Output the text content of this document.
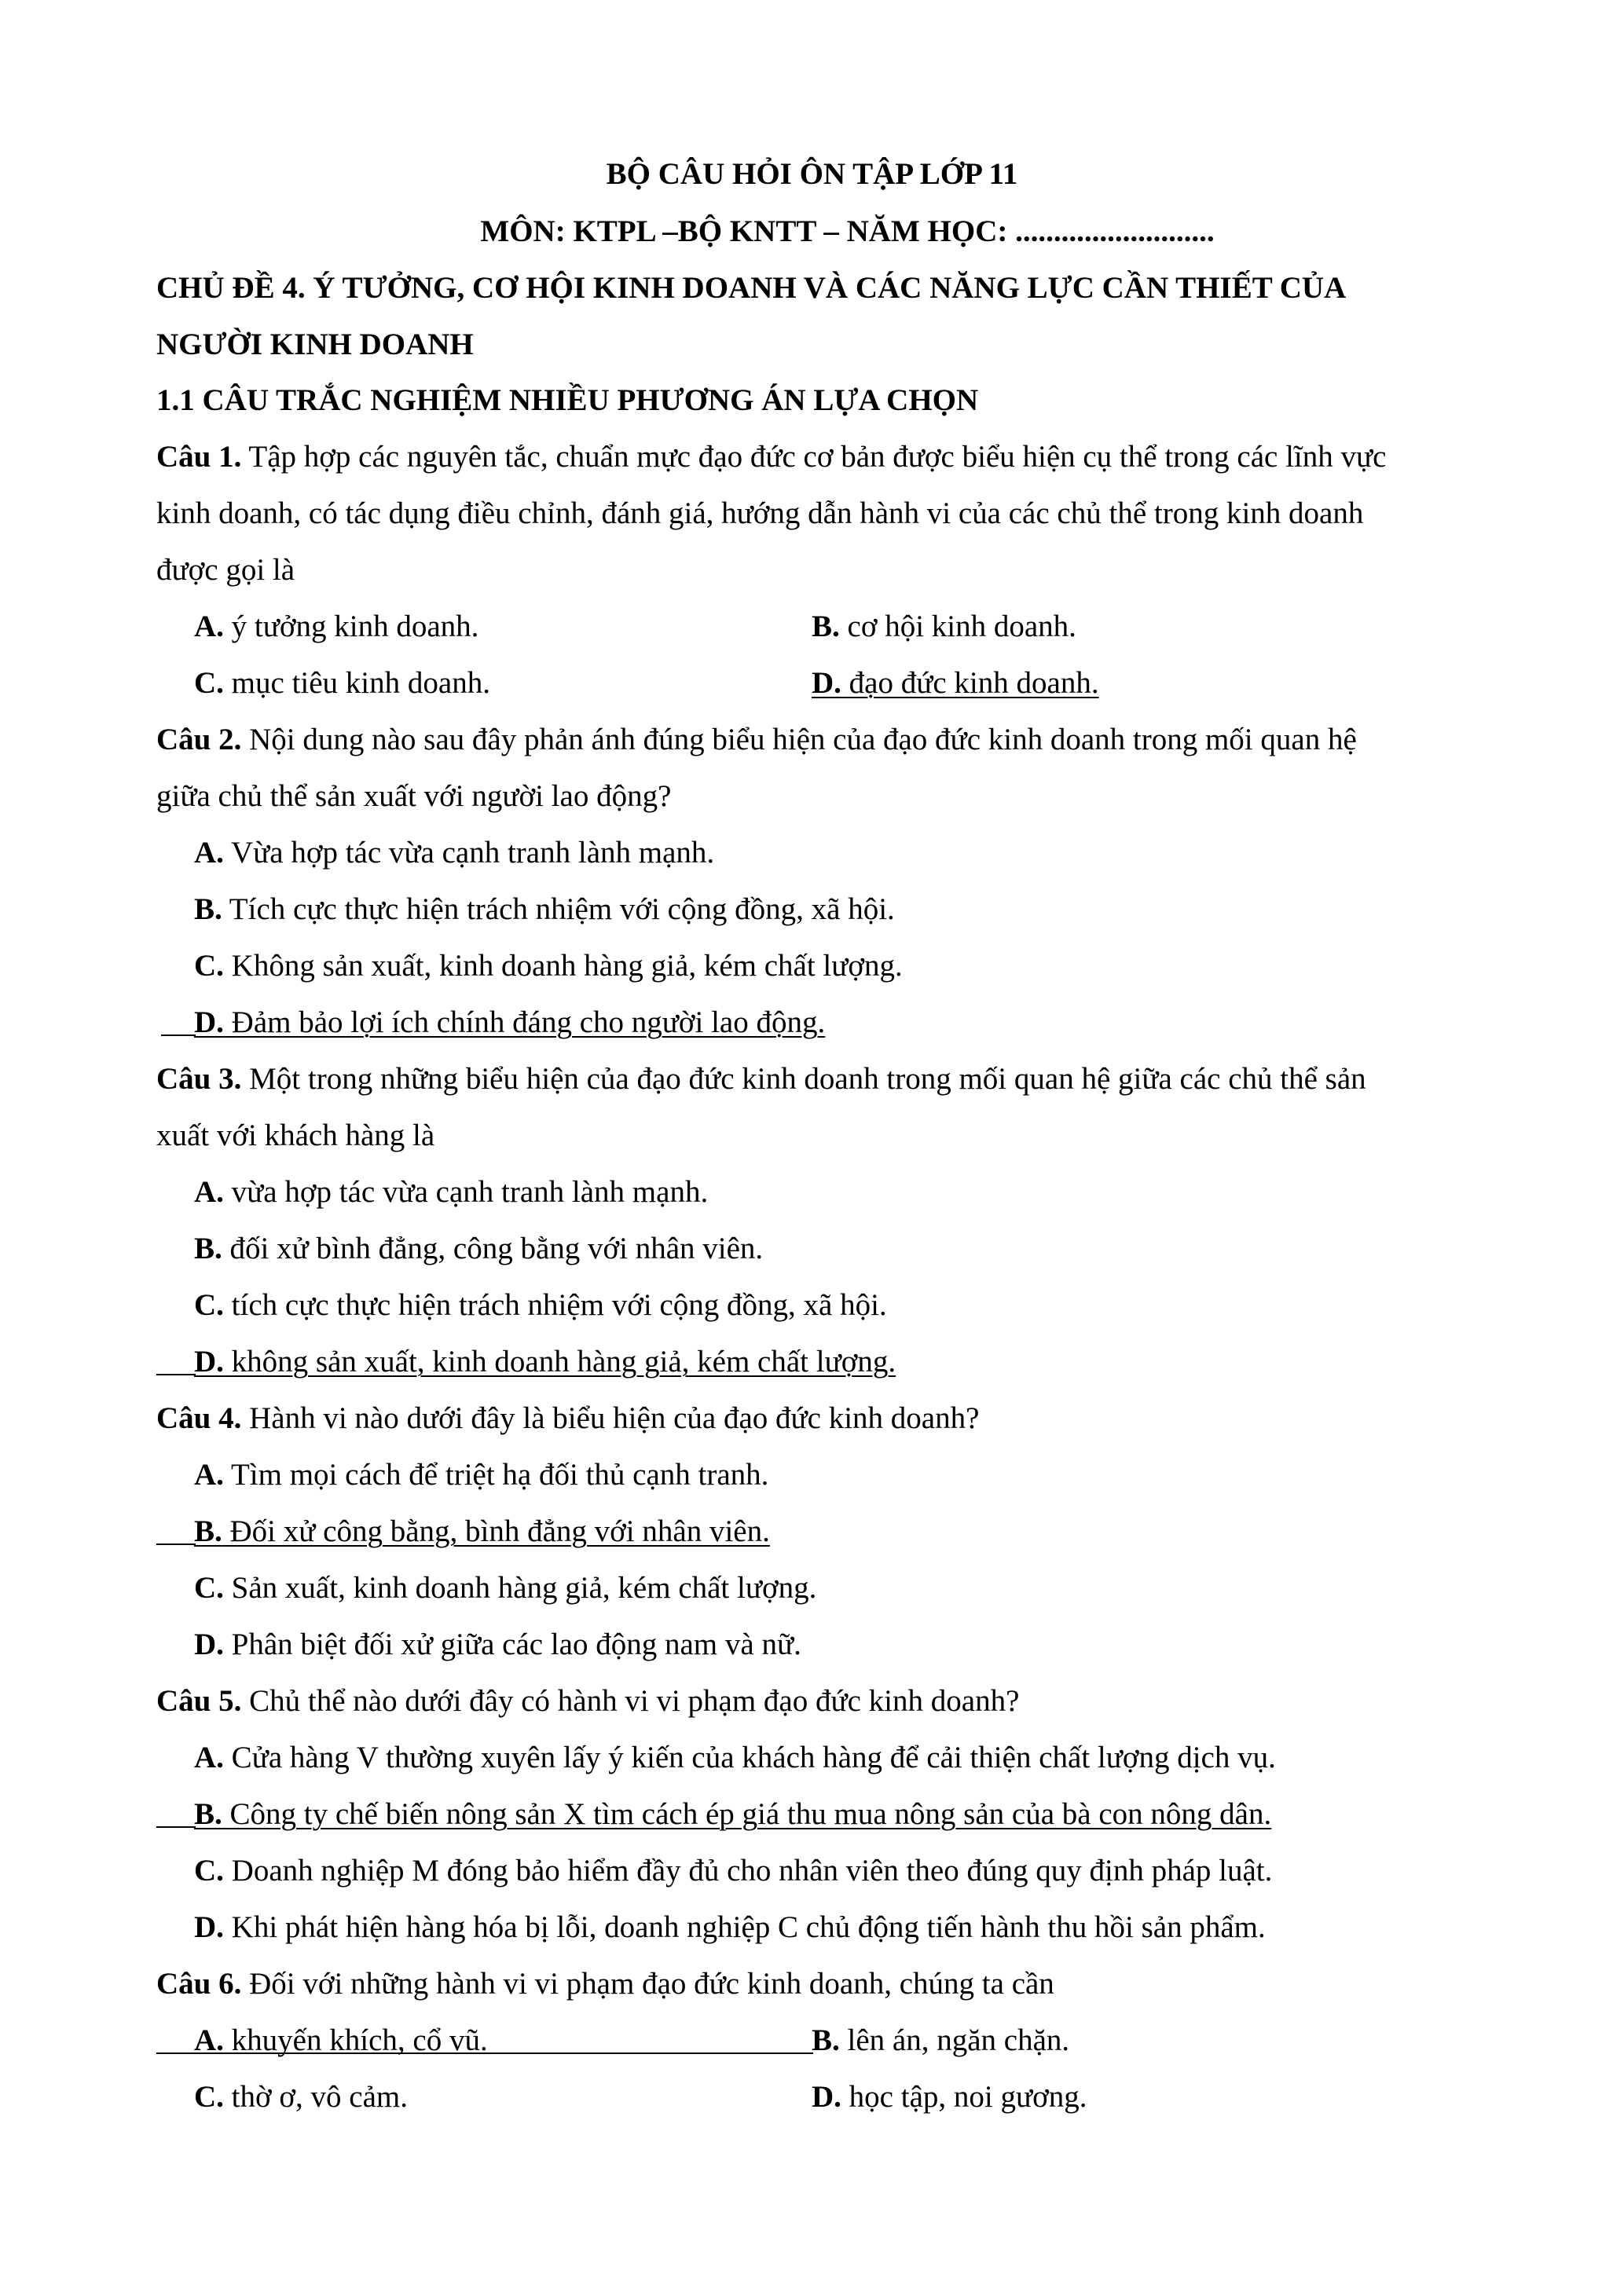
BỘ CÂU HỎI ÔN TẬP LỚP 11
MÔN: KTPL –BỘ KNTT – NĂM HỌC: ..........................
CHỦ ĐỀ 4. Ý TƯỞNG, CƠ HỘI KINH DOANH VÀ CÁC NĂNG LỰC CẦN THIẾT CỦA
NGƯỜI KINH DOANH
1.1 CÂU TRẮC NGHIỆM NHIỀU PHƯƠNG ÁN LỰA CHỌN
Câu 1. Tập hợp các nguyên tắc, chuẩn mực đạo đức cơ bản được biểu hiện cụ thể trong các lĩnh vực
kinh doanh, có tác dụng điều chỉnh, đánh giá, hướng dẫn hành vi của các chủ thể trong kinh doanh
được gọi là
A. ý tưởng kinh doanh.	B. cơ hội kinh doanh.
C. mục tiêu kinh doanh.	D. đạo đức kinh doanh.
Câu 2. Nội dung nào sau đây phản ánh đúng biểu hiện của đạo đức kinh doanh trong mối quan hệ
giữa chủ thể sản xuất với người lao động?
A. Vừa hợp tác vừa cạnh tranh lành mạnh.
B. Tích cực thực hiện trách nhiệm với cộng đồng, xã hội.
C. Không sản xuất, kinh doanh hàng giả, kém chất lượng.
D. Đảm bảo lợi ích chính đáng cho người lao động.
Câu 3. Một trong những biểu hiện của đạo đức kinh doanh trong mối quan hệ giữa các chủ thể sản
xuất với khách hàng là
A. vừa hợp tác vừa cạnh tranh lành mạnh.
B. đối xử bình đẳng, công bằng với nhân viên.
C. tích cực thực hiện trách nhiệm với cộng đồng, xã hội.
D. không sản xuất, kinh doanh hàng giả, kém chất lượng.
Câu 4. Hành vi nào dưới đây là biểu hiện của đạo đức kinh doanh?
A. Tìm mọi cách để triệt hạ đối thủ cạnh tranh.
B. Đối xử công bằng, bình đẳng với nhân viên.
C. Sản xuất, kinh doanh hàng giả, kém chất lượng.
D. Phân biệt đối xử giữa các lao động nam và nữ.
Câu 5. Chủ thể nào dưới đây có hành vi vi phạm đạo đức kinh doanh?
A. Cửa hàng V thường xuyên lấy ý kiến của khách hàng để cải thiện chất lượng dịch vụ.
B. Công ty chế biến nông sản X tìm cách ép giá thu mua nông sản của bà con nông dân.
C. Doanh nghiệp M đóng bảo hiểm đầy đủ cho nhân viên theo đúng quy định pháp luật.
D. Khi phát hiện hàng hóa bị lỗi, doanh nghiệp C chủ động tiến hành thu hồi sản phẩm.
Câu 6. Đối với những hành vi vi phạm đạo đức kinh doanh, chúng ta cần
A. khuyến khích, cổ vũ.	B. lên án, ngăn chặn.
C. thờ ơ, vô cảm.	D. học tập, noi gương.
